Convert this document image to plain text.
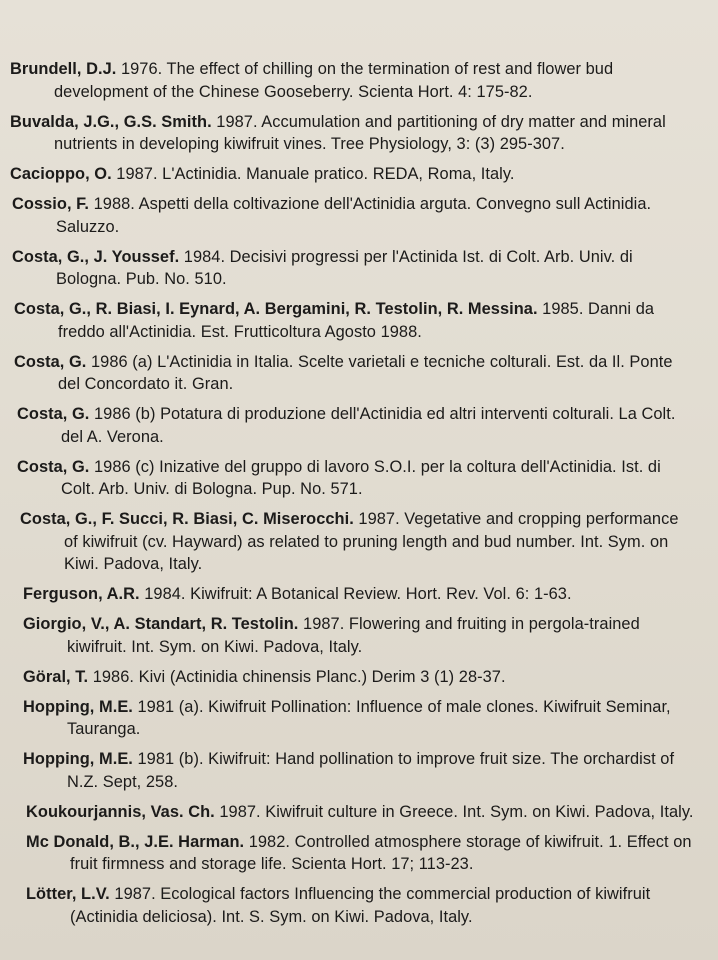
Brundell, D.J. 1976. The effect of chilling on the termination of rest and flower bud development of the Chinese Gooseberry. Scienta Hort. 4: 175-82.
Buvalda, J.G., G.S. Smith. 1987. Accumulation and partitioning of dry matter and mineral nutrients in developing kiwifruit vines. Tree Physiology, 3: (3) 295-307.
Cacioppo, O. 1987. L'Actinidia. Manuale pratico. REDA, Roma, Italy.
Cossio, F. 1988. Aspetti della coltivazione dell'Actinidia arguta. Convegno sull Actinidia. Saluzzo.
Costa, G., J. Youssef. 1984. Decisivi progressi per l'Actinida Ist. di Colt. Arb. Univ. di Bologna. Pub. No. 510.
Costa, G., R. Biasi, I. Eynard, A. Bergamini, R. Testolin, R. Messina. 1985. Danni da freddo all'Actinidia. Est. Frutticoltura Agosto 1988.
Costa, G. 1986 (a) L'Actinidia in Italia. Scelte varietali e tecniche colturali. Est. da Il. Ponte del Concordato it. Gran.
Costa, G. 1986 (b) Potatura di produzione dell'Actinidia ed altri interventi colturali. La Colt. del A. Verona.
Costa, G. 1986 (c) Inizative del gruppo di lavoro S.O.I. per la coltura dell'Actinidia. Ist. di Colt. Arb. Univ. di Bologna. Pup. No. 571.
Costa, G., F. Succi, R. Biasi, C. Miserocchi. 1987. Vegetative and cropping performance of kiwifruit (cv. Hayward) as related to pruning length and bud number. Int. Sym. on Kiwi. Padova, Italy.
Ferguson, A.R. 1984. Kiwifruit: A Botanical Review. Hort. Rev. Vol. 6: 1-63.
Giorgio, V., A. Standart, R. Testolin. 1987. Flowering and fruiting in pergola-trained kiwifruit. Int. Sym. on Kiwi. Padova, Italy.
Göral, T. 1986. Kivi (Actinidia chinensis Planc.) Derim 3 (1) 28-37.
Hopping, M.E. 1981 (a). Kiwifruit Pollination: Influence of male clones. Kiwifruit Seminar, Tauranga.
Hopping, M.E. 1981 (b). Kiwifruit: Hand pollination to improve fruit size. The orchardist of N.Z. Sept, 258.
Koukourjannis, Vas. Ch. 1987. Kiwifruit culture in Greece. Int. Sym. on Kiwi. Padova, Italy.
Mc Donald, B., J.E. Harman. 1982. Controlled atmosphere storage of kiwifruit. 1. Effect on fruit firmness and storage life. Scienta Hort. 17; 113-23.
Lötter, L.V. 1987. Ecological factors Influencing the commercial production of kiwifruit (Actinidia deliciosa). Int. S. Sym. on Kiwi. Padova, Italy.
